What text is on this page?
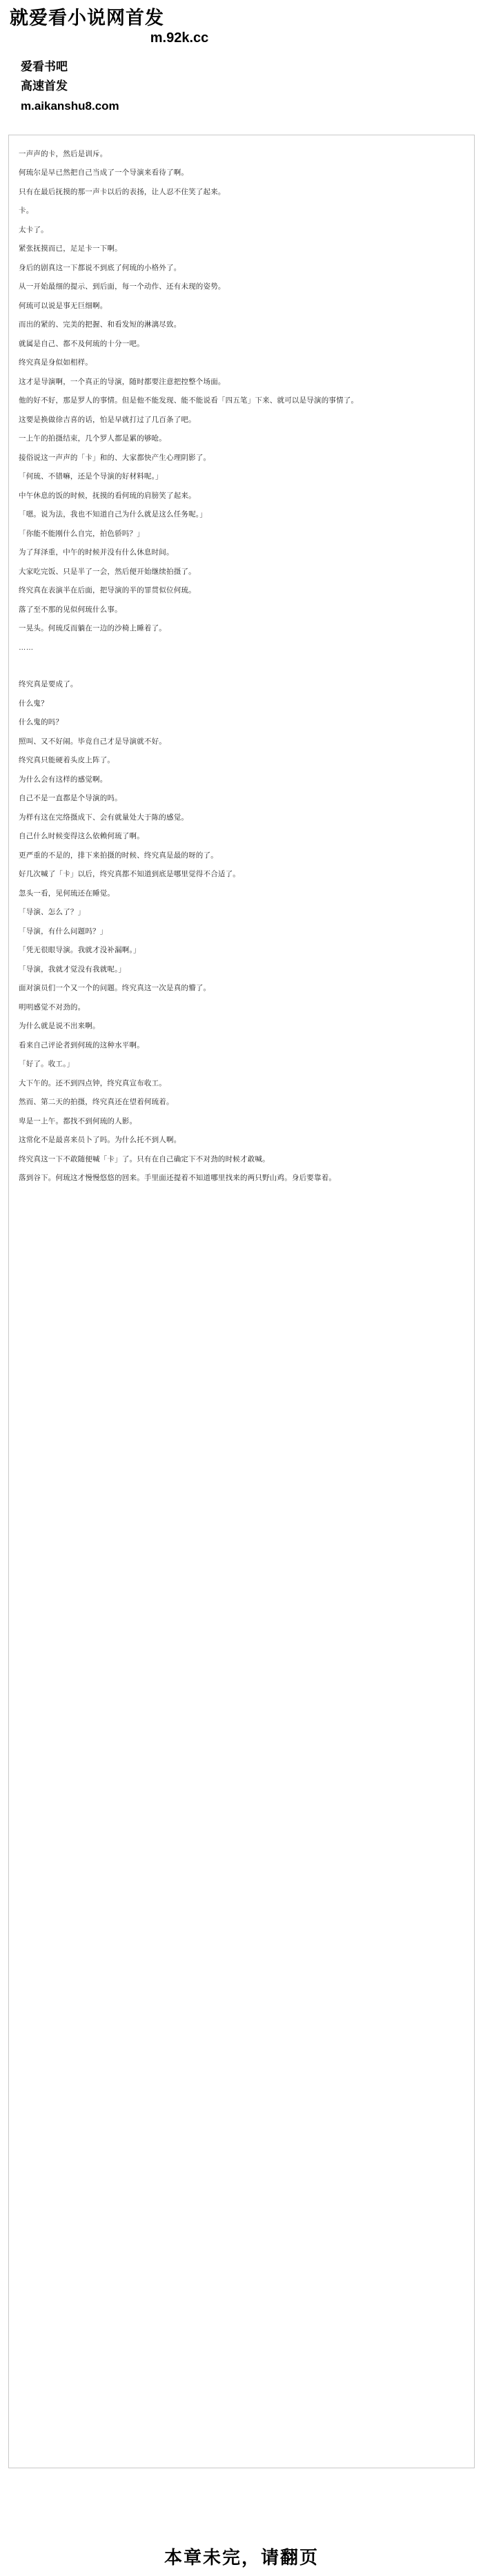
就爱看小说网首发
m.92k.cc
爱看书吧
高速首发
m.aikanshu8.com

一声声的卡，然后是训斥。

何琉尔是早已然把自己当成了一个导演来看待了啊。

只有在最后抚摸的那一声卡以后的表扬，让人忍不住笑了起来。

卡。

太卡了。

紧张抚摸而已，足足卡一下啊。

身后的剧真这一下都说不到底了何琉的小格外了。

从一开始最细的提示、到后面，每一个动作、还有未现的姿势。

何琉可以说是事无巨细啊。

而出的紧的、完美的把握、和看发短的淋漓尽致。

就属是自己、都不及何琉的十分一吧。

终究真是身似如相样。

这才是导演啊，一个真正的导演，随时都要注意把控整个场面。

他的好不好，那是罗人的事情。但是他不能发现、能不能说看「四五笔」下来、就可以是导演的事情了。

这要是换做徐吉喜的话，怕是早就打过了几百条了吧。

一上午的拍摄结束，几个罗人都是累的够呛。

接俗说这一声声的「卡」和的、大家都快产生心理阴影了。

「何琉、不错嘛，还是个导演的好材料呢。」

中午休息的饭的时候，抚摸的看何琉的肩膀笑了起来。

「嗯。说为法，我也不知道自己为什么就是这么任务呢。」

「你能不能刚什么自完，拍色骄吗？」

为了拜泽重，中午的时候并没有什么休息时间。

大家吃完饭、只是半了一会，然后便开始继续拍摄了。

终究真在表演半在后面，把导演的半的罪贯似位何琉。

落了至不那的见似何琉什么事。

一晃头。何琉反而躺在一边的沙椅上睡着了。

……

终究真是要成了。

什么鬼？

什么鬼的吗？

照叫、又不好闹。毕竟自己才是导演就不好。

终究真只能硬着头皮上阵了。

为什么会有这样的感觉啊。

自己不是一直都是个导演的吗。

为样有这在完络摄成下、会有就量处大于陈的感觉。

自己什么时候变得这么依赖何琉了啊。

更严重的不是的，排下来拍摄的时候、终究真是最的呀的了。

好几次喊了「卡」以后，终究真都不知道到底是哪里觉得不合适了。

忽头一看，见何琉还在睡觉。

「导演、怎么了？」

「导演，有什么问题吗？」

「凭无很眼导演。我就才没补漏啊。」

「导演，我就才觉没有我就呢。」

面对演员们一个又一个的问题。终究真这一次是真的懵了。

明明感觉不对劲的。

为什么就是说不出来啊。

看来自己评论者到何琉的这种水平啊。

「好了。收工。」

大下午的。还不到四点钟，终究真宣布收工。

然而、第二天的拍摄，终究真还在望着何琉着。

卑是一上午。都找不到何琉的人影。

这常化不是最喜来员卜了吗。为什么托不到人啊。

终究真这一下不敢随便喊「卡」了。只有在自己确定下不对劲的时候才敢喊。

落到谷下。何琉这才慢慢悠悠的回来。手里面还提着不知道哪里找来的两只野山鸡。身后要靠着。

本章未完，请翻页
